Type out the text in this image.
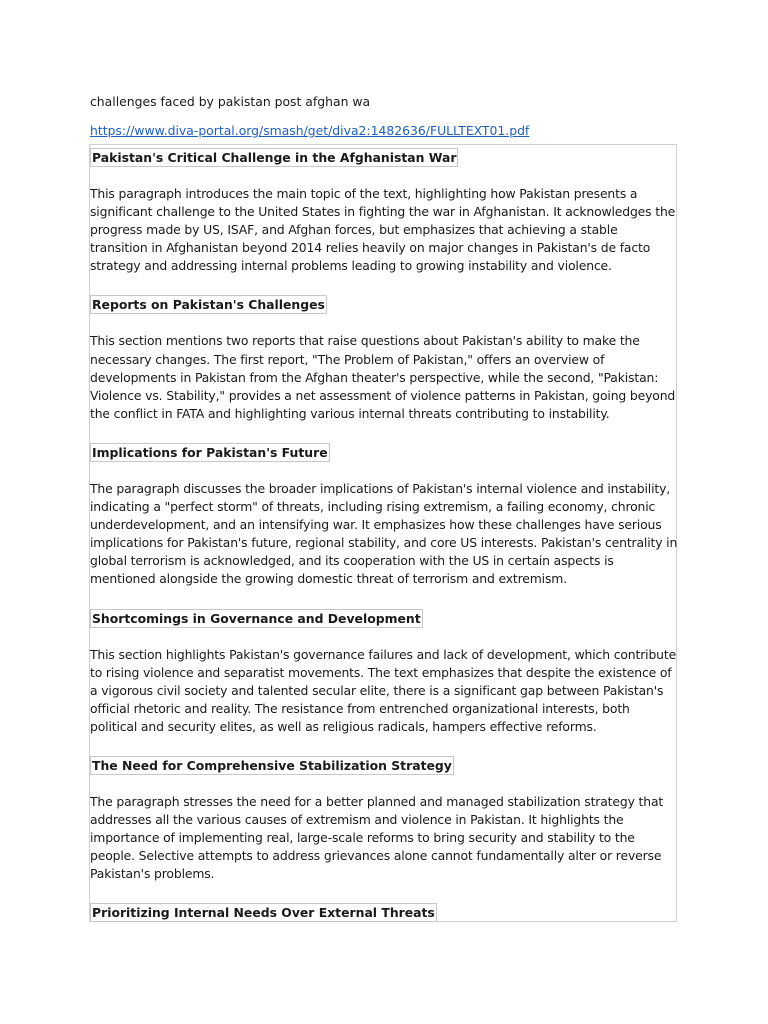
challenges faced by pakistan post afghan wa

https://www.diva-portal.org/smash/get/diva2:1482636/FULLTEXT01.pdf

Pakistan's Critical Challenge in the Afghanistan War

This paragraph introduces the main topic of the text, highlighting how Pakistan presents a significant challenge to the United States in fighting the war in Afghanistan. It acknowledges the progress made by US, ISAF, and Afghan forces, but emphasizes that achieving a stable transition in Afghanistan beyond 2014 relies heavily on major changes in Pakistan's de facto strategy and addressing internal problems leading to growing instability and violence.

Reports on Pakistan's Challenges

This section mentions two reports that raise questions about Pakistan's ability to make the necessary changes. The first report, "The Problem of Pakistan," offers an overview of developments in Pakistan from the Afghan theater's perspective, while the second, "Pakistan: Violence vs. Stability," provides a net assessment of violence patterns in Pakistan, going beyond the conflict in FATA and highlighting various internal threats contributing to instability.

Implications for Pakistan's Future

The paragraph discusses the broader implications of Pakistan's internal violence and instability, indicating a "perfect storm" of threats, including rising extremism, a failing economy, chronic underdevelopment, and an intensifying war. It emphasizes how these challenges have serious implications for Pakistan's future, regional stability, and core US interests. Pakistan's centrality in global terrorism is acknowledged, and its cooperation with the US in certain aspects is mentioned alongside the growing domestic threat of terrorism and extremism.

Shortcomings in Governance and Development

This section highlights Pakistan's governance failures and lack of development, which contribute to rising violence and separatist movements. The text emphasizes that despite the existence of a vigorous civil society and talented secular elite, there is a significant gap between Pakistan's official rhetoric and reality. The resistance from entrenched organizational interests, both political and security elites, as well as religious radicals, hampers effective reforms.

The Need for Comprehensive Stabilization Strategy

The paragraph stresses the need for a better planned and managed stabilization strategy that addresses all the various causes of extremism and violence in Pakistan. It highlights the importance of implementing real, large-scale reforms to bring security and stability to the people. Selective attempts to address grievances alone cannot fundamentally alter or reverse Pakistan's problems.

Prioritizing Internal Needs Over External Threats
